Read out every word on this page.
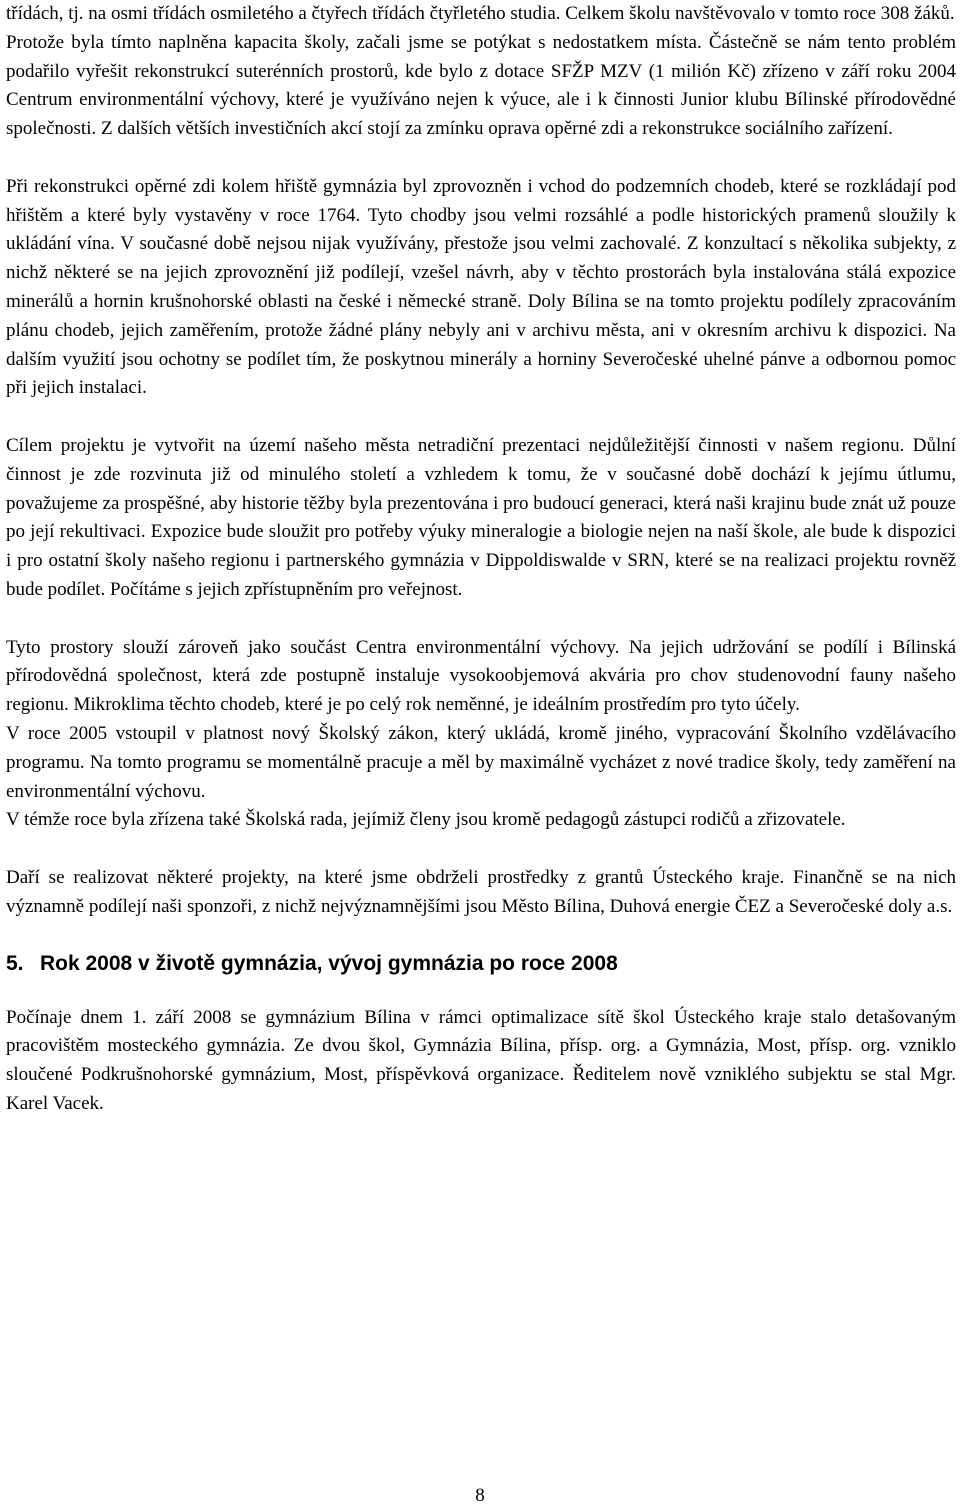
třídách, tj. na osmi třídách osmiletého a čtyřech třídách čtyřletého studia. Celkem školu navštěvovalo v tomto roce 308 žáků.

Protože byla tímto naplněna kapacita školy, začali jsme se potýkat s nedostatkem místa. Částečně se nám tento problém podařilo vyřešit rekonstrukcí suterénních prostorů, kde bylo z dotace SFŽP MZV (1 milión Kč) zřízeno v září roku 2004 Centrum environmentální výchovy, které je využíváno nejen k výuce, ale i k činnosti Junior klubu Bílinské přírodovědné společnosti. Z dalších větších investičních akcí stojí za zmínku oprava opěrné zdi a rekonstrukce sociálního zařízení.

Při rekonstrukci opěrné zdi kolem hřiště gymnázia byl zprovozněn i vchod do podzemních chodeb, které se rozkládají pod hřištěm a které byly vystavěny v roce 1764. Tyto chodby jsou velmi rozsáhlé a podle historických pramenů sloužily k ukládání vína. V současné době nejsou nijak využívány, přestože jsou velmi zachovalé. Z konzultací s několika subjekty, z nichž některé se na jejich zprovoznění již podílejí, vzešel návrh, aby v těchto prostorách byla instalována stálá expozice minerálů a hornin krušnohorské oblasti na české i německé straně. Doly Bílina se na tomto projektu podílely zpracováním plánu chodeb, jejich zaměřením, protože žádné plány nebyly ani v archivu města, ani v okresním archivu k dispozici. Na dalším využití jsou ochotny se podílet tím, že poskytnou minerály a horniny Severočeské uhelné pánve a odbornou pomoc při jejich instalaci.

Cílem projektu je vytvořit na území našeho města netradiční prezentaci nejdůležitější činnosti v našem regionu. Důlní činnost je zde rozvinuta již od minulého století a vzhledem k tomu, že v současné době dochází k jejímu útlumu, považujeme za prospěšné, aby historie těžby byla prezentována i pro budoucí generaci, která naši krajinu bude znát už pouze po její rekultivaci. Expozice bude sloužit pro potřeby výuky mineralogie a biologie nejen na naší škole, ale bude k dispozici i pro ostatní školy našeho regionu i partnerského gymnázia v Dippoldiswalde v SRN, které se na realizaci projektu rovněž bude podílet. Počítáme s jejich zpřístupněním pro veřejnost.

Tyto prostory slouží zároveň jako součást Centra environmentální výchovy. Na jejich udržování se podílí i Bílinská přírodovědná společnost, která zde postupně instaluje vysokoobjemová akvária pro chov studenovodní fauny našeho regionu. Mikroklima těchto chodeb, které je po celý rok neměnné, je ideálním prostředím pro tyto účely.

V roce 2005 vstoupil v platnost nový Školský zákon, který ukládá, kromě jiného, vypracování Školního vzdělávacího programu. Na tomto programu se momentálně pracuje a měl by maximálně vycházet z nové tradice školy, tedy zaměření na environmentální výchovu.

V témže roce byla zřízena také Školská rada, jejímiž členy jsou kromě pedagogů zástupci rodičů a zřizovatele.

Daří se realizovat některé projekty, na které jsme obdrželi prostředky z grantů Ústeckého kraje. Finančně se na nich významně podílejí naši sponzoři, z nichž nejvýznamnějšími jsou Město Bílina, Duhová energie ČEZ a Severočeské doly a.s.

5. Rok 2008 v životě gymnázia, vývoj gymnázia po roce 2008

Počínaje dnem 1. září 2008 se gymnázium Bílina v rámci optimalizace sítě škol Ústeckého kraje stalo detašovaným pracovištěm mosteckého gymnázia. Ze dvou škol, Gymnázia Bílina, přísp. org. a Gymnázia, Most, přísp. org. vzniklo sloučené Podkrušnohorské gymnázium, Most, příspěvková organizace. Ředitelem nově vzniklého subjektu se stal Mgr. Karel Vacek.

8
